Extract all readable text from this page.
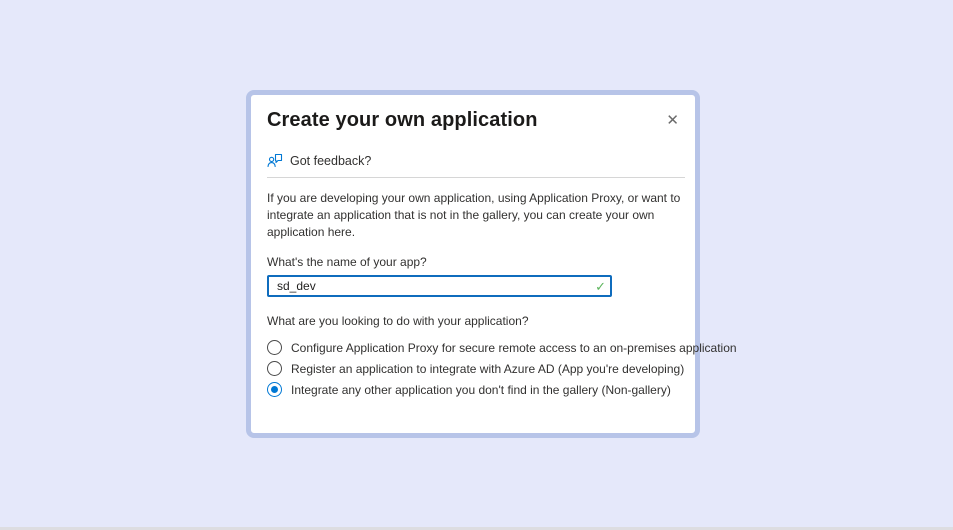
Create your own application	✕
Got feedback?

If you are developing your own application, using Application Proxy, or want to integrate an application that is not in the gallery, you can create your own application here.

What's the name of your app?
sd_dev
✓
What are you looking to do with your application?
Configure Application Proxy for secure remote access to an on-premises application
Register an application to integrate with Azure AD (App you're developing)
Integrate any other application you don't find in the gallery (Non-gallery)
